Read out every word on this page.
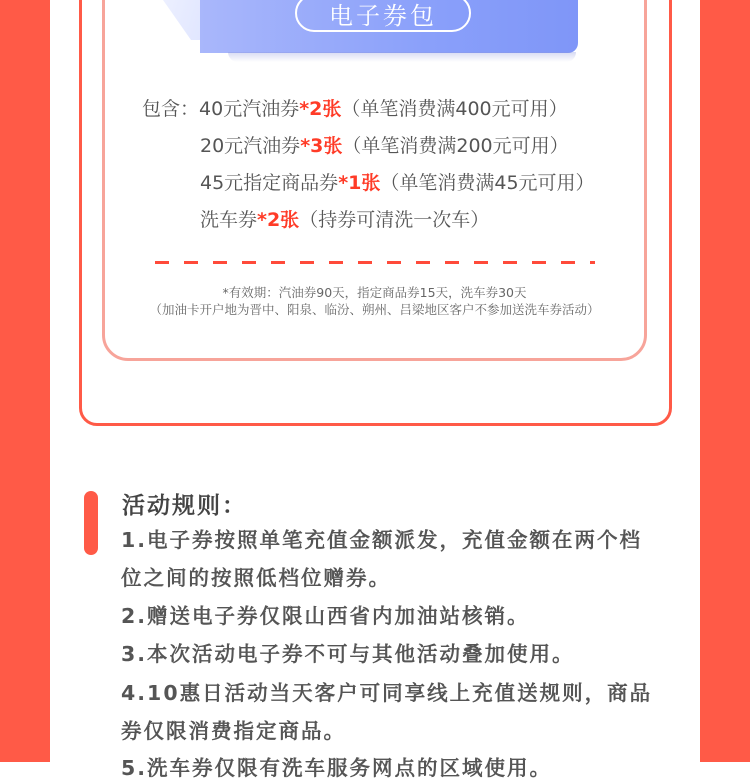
电子券包
包含：40元汽油券*2张（单笔消费满400元可用）
20元汽油券*3张（单笔消费满200元可用）
45元指定商品券*1张（单笔消费满45元可用）
洗车券*2张（持券可清洗一次车）
*有效期：汽油券90天，指定商品券15天，洗车券30天
（加油卡开户地为晋中、阳泉、临汾、朔州、吕梁地区客户不参加送洗车券活动）
活动规则：
1.电子券按照单笔充值金额派发，充值金额在两个档
位之间的按照低档位赠券。
2.赠送电子券仅限山西省内加油站核销。
3.本次活动电子券不可与其他活动叠加使用。
4.10惠日活动当天客户可同享线上充值送规则，商品
券仅限消费指定商品。
5.洗车券仅限有洗车服务网点的区域使用。
